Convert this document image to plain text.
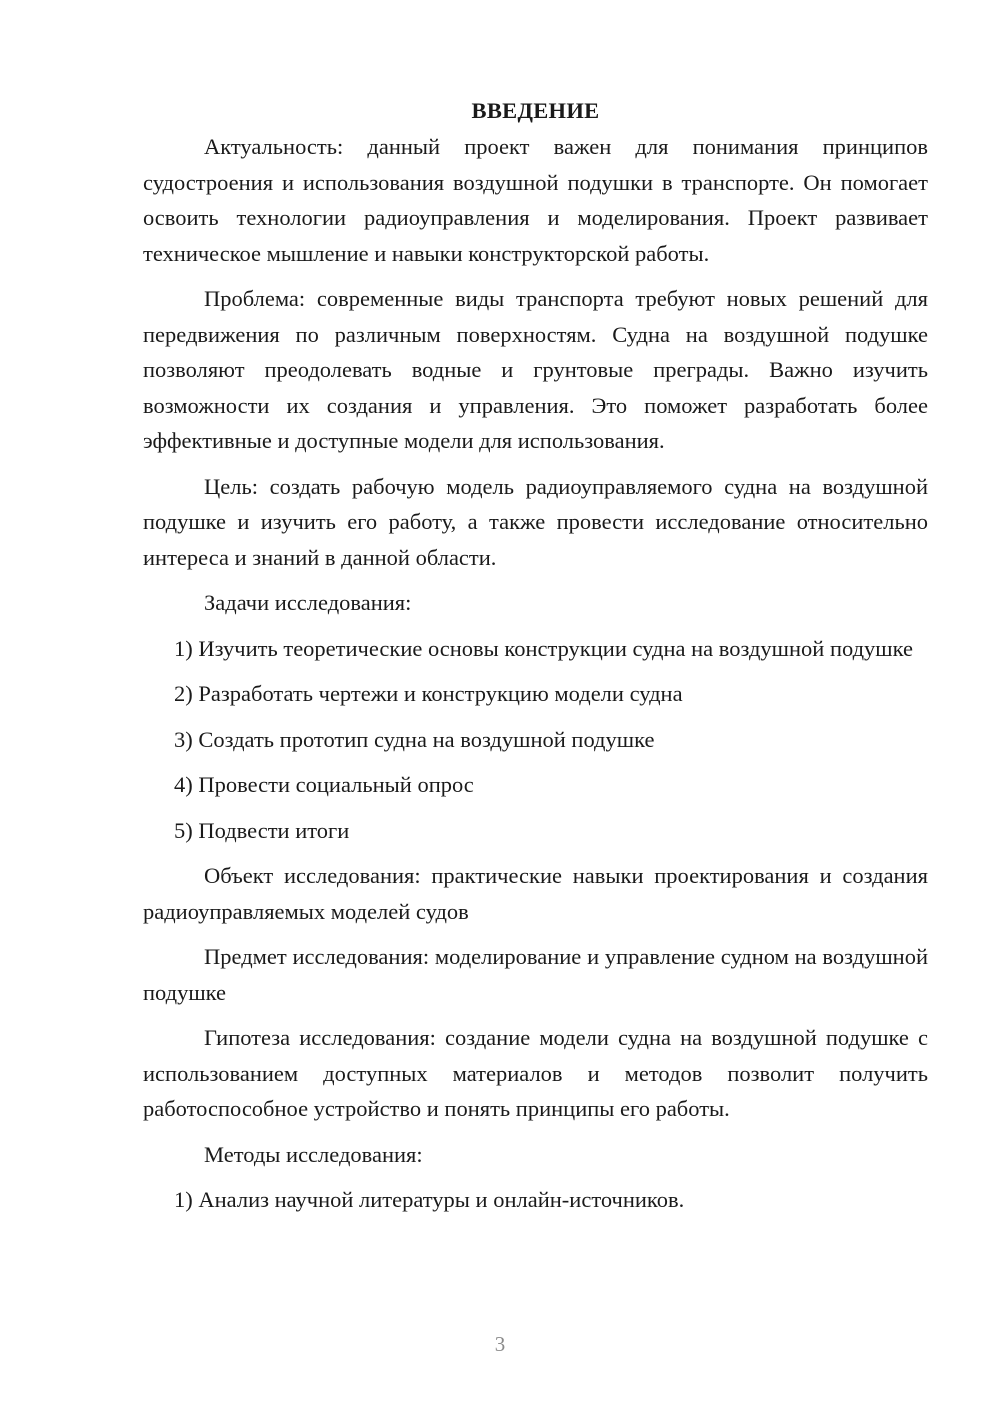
ВВЕДЕНИЕ

Актуальность: данный проект важен для понимания принципов судостроения и использования воздушной подушки в транспорте. Он помогает освоить технологии радиоуправления и моделирования. Проект развивает техническое мышление и навыки конструкторской работы.

Проблема: современные виды транспорта требуют новых решений для передвижения по различным поверхностям. Судна на воздушной подушке позволяют преодолевать водные и грунтовые преграды. Важно изучить возможности их создания и управления. Это поможет разработать более эффективные и доступные модели для использования.

Цель: создать рабочую модель радиоуправляемого судна на воздушной подушке и изучить его работу, а также провести исследование относительно интереса и знаний в данной области.

Задачи исследования:

1) Изучить теоретические основы конструкции судна на воздушной подушке

2) Разработать чертежи и конструкцию модели судна

3) Создать прототип судна на воздушной подушке

4) Провести социальный опрос

5) Подвести итоги

Объект исследования: практические навыки проектирования и создания радиоуправляемых моделей судов

Предмет исследования: моделирование и управление судном на воздушной подушке

Гипотеза исследования: создание модели судна на воздушной подушке с использованием доступных материалов и методов позволит получить работоспособное устройство и понять принципы его работы.

Методы исследования:

1) Анализ научной литературы и онлайн-источников.

3
